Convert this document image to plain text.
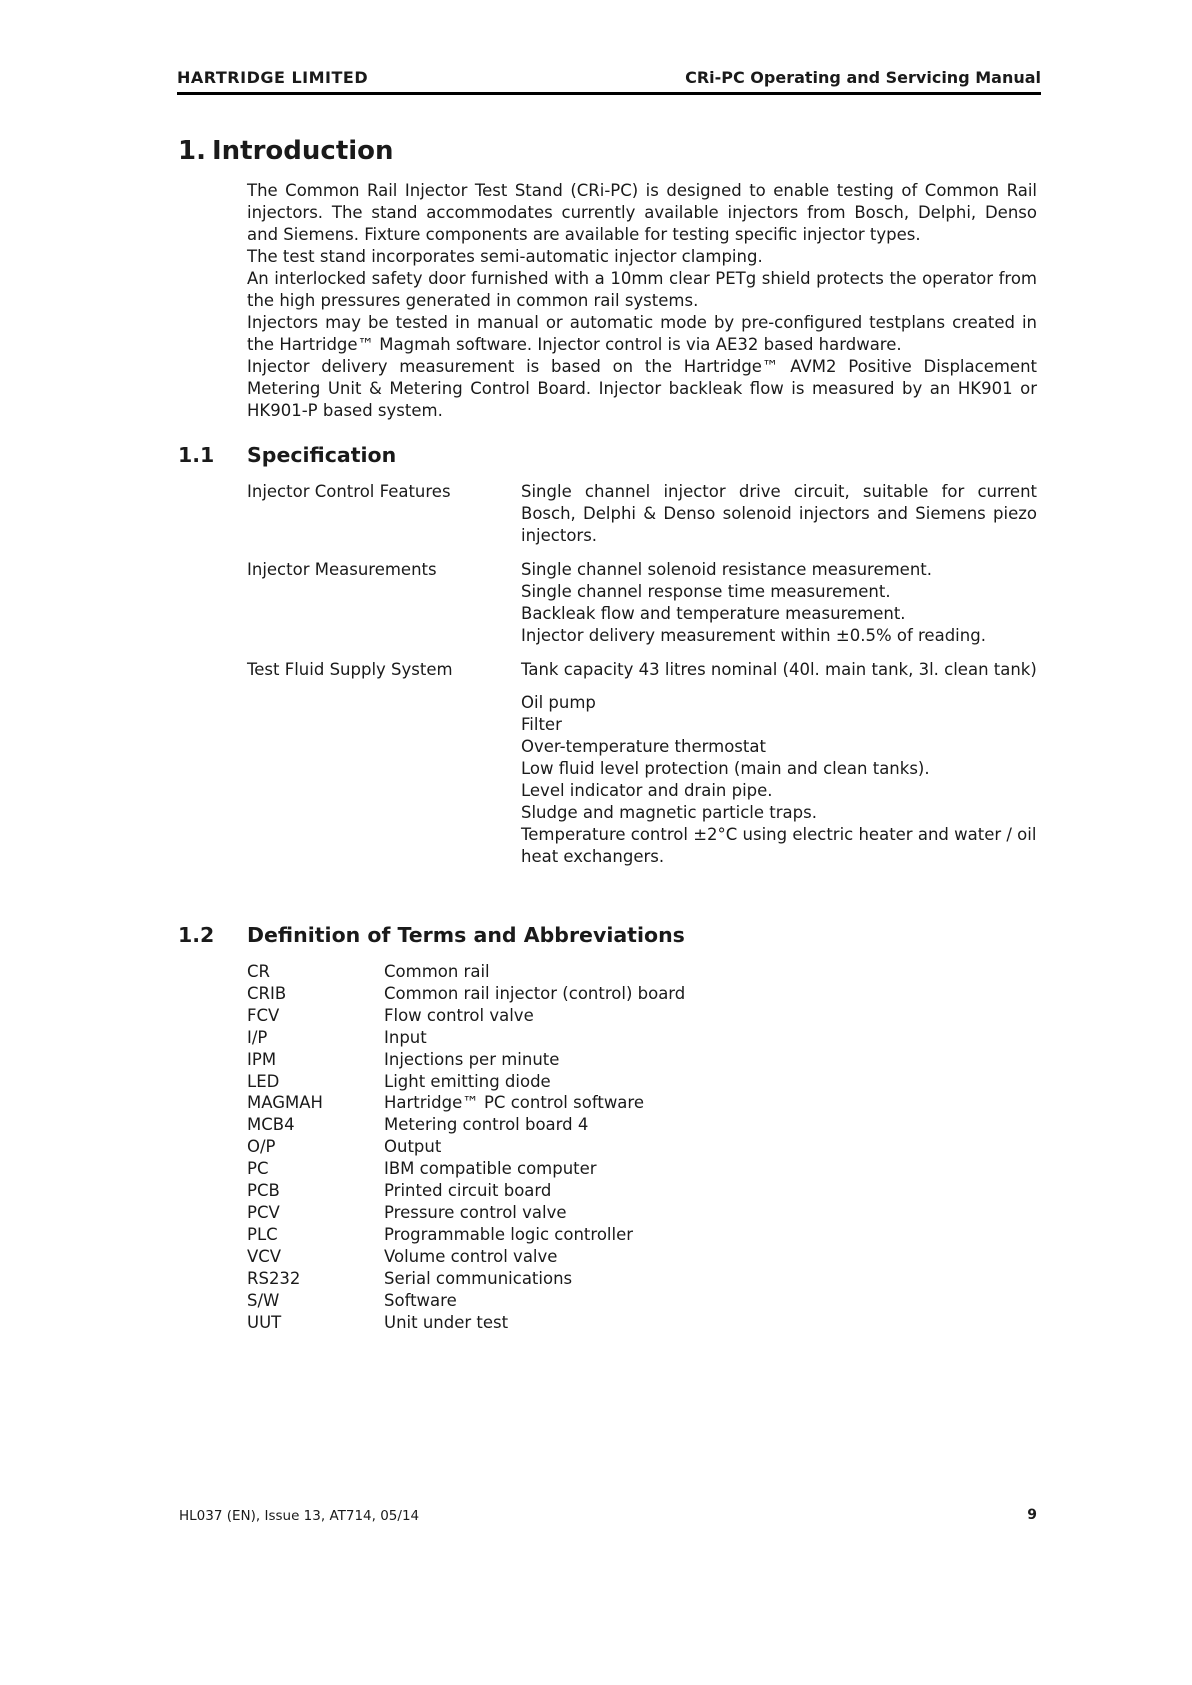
HARTRIDGE LIMITED	CRi-PC Operating and Servicing Manual
1. Introduction

The Common Rail Injector Test Stand (CRi-PC) is designed to enable testing of Common Rail injectors. The stand accommodates currently available injectors from Bosch, Delphi, Denso and Siemens. Fixture components are available for testing specific injector types.

The test stand incorporates semi-automatic injector clamping.

An interlocked safety door furnished with a 10mm clear PETg shield protects the operator from the high pressures generated in common rail systems.

Injectors may be tested in manual or automatic mode by pre-configured testplans created in the Hartridge™ Magmah software. Injector control is via AE32 based hardware.

Injector delivery measurement is based on the Hartridge™ AVM2 Positive Displacement Metering Unit & Metering Control Board. Injector backleak flow is measured by an HK901 or HK901-P based system.

1.1 Specification
Injector Control Features	Single channel injector drive circuit, suitable for current Bosch, Delphi & Denso solenoid injectors and Siemens piezo injectors.

Injector Measurements	Single channel solenoid resistance measurement.

Single channel response time measurement.

Backleak flow and temperature measurement.

Injector delivery measurement within ±0.5% of reading.

Test Fluid Supply System	Tank capacity 43 litres nominal (40l. main tank, 3l. clean tank)

Oil pump

Filter

Over-temperature thermostat

Low fluid level protection (main and clean tanks).

Level indicator and drain pipe.

Sludge and magnetic particle traps.

Temperature control ±2°C using electric heater and water / oil heat exchangers.

1.2 Definition of Terms and Abbreviations
CR	Common rail
CRIB	Common rail injector (control) board
FCV	Flow control valve
I/P	Input
IPM	Injections per minute
LED	Light emitting diode
MAGMAH	Hartridge™ PC control software
MCB4	Metering control board 4
O/P	Output
PC	IBM compatible computer
PCB	Printed circuit board
PCV	Pressure control valve
PLC	Programmable logic controller
VCV	Volume control valve
RS232	Serial communications
S/W	Software
UUT	Unit under test
HL037 (EN), Issue 13, AT714, 05/14	9
